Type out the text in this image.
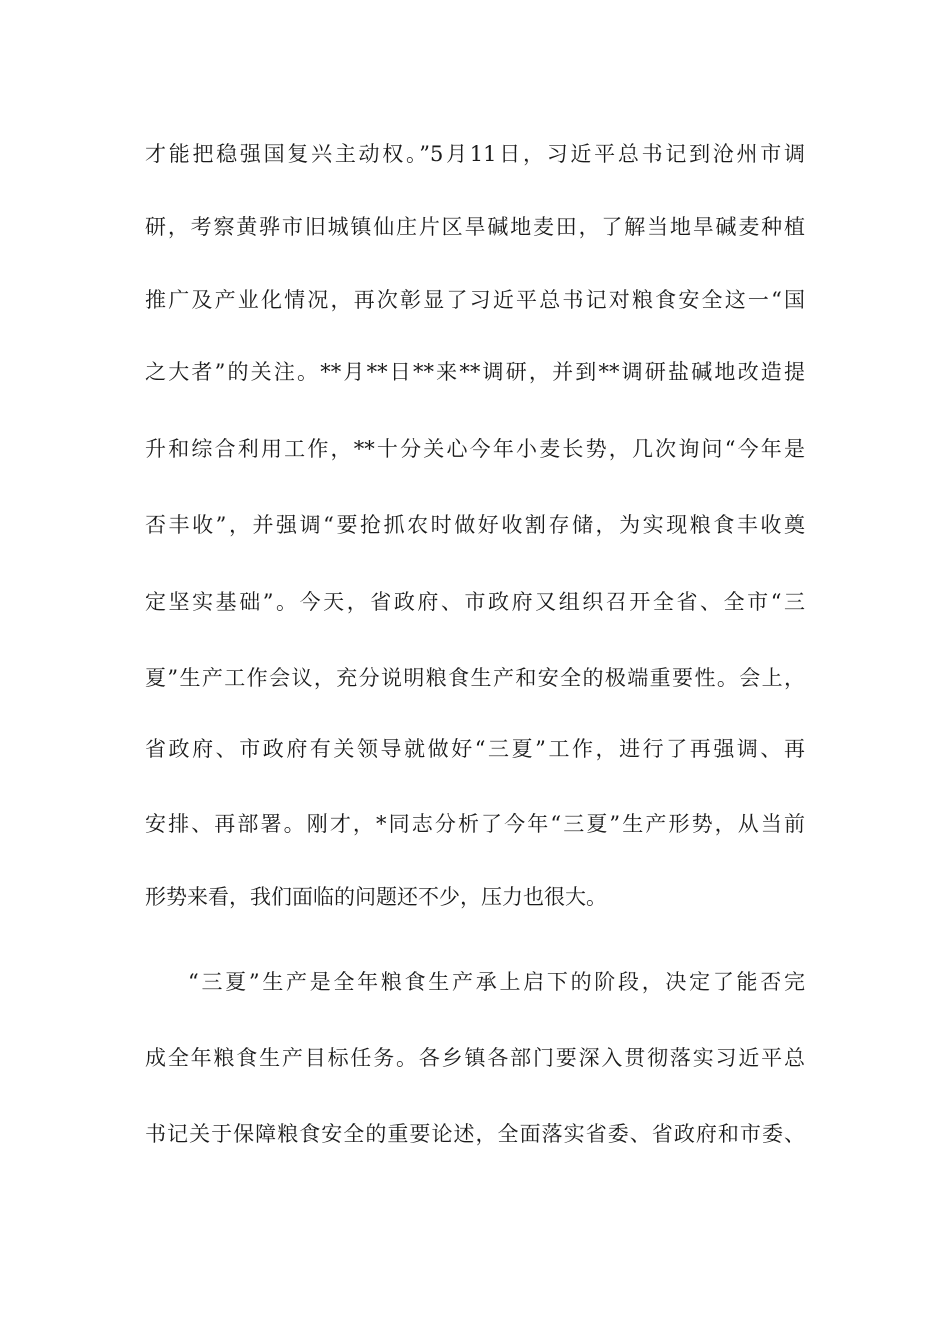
才能把稳强国复兴主动权。”5月11日，习近平总书记到沧州市调
研，考察黄骅市旧城镇仙庄片区旱碱地麦田，了解当地旱碱麦种植
推广及产业化情况，再次彰显了习近平总书记对粮食安全这一“国
之大者”的关注。**月**日**来**调研，并到**调研盐碱地改造提
升和综合利用工作，**十分关心今年小麦长势，几次询问“今年是
否丰收”，并强调“要抢抓农时做好收割存储，为实现粮食丰收奠
定坚实基础”。今天，省政府、市政府又组织召开全省、全市“三
夏”生产工作会议，充分说明粮食生产和安全的极端重要性。会上，
省政府、市政府有关领导就做好“三夏”工作，进行了再强调、再
安排、再部署。刚才，*同志分析了今年“三夏”生产形势，从当前
形势来看，我们面临的问题还不少，压力也很大。
“三夏”生产是全年粮食生产承上启下的阶段，决定了能否完
成全年粮食生产目标任务。各乡镇各部门要深入贯彻落实习近平总
书记关于保障粮食安全的重要论述，全面落实省委、省政府和市委、
